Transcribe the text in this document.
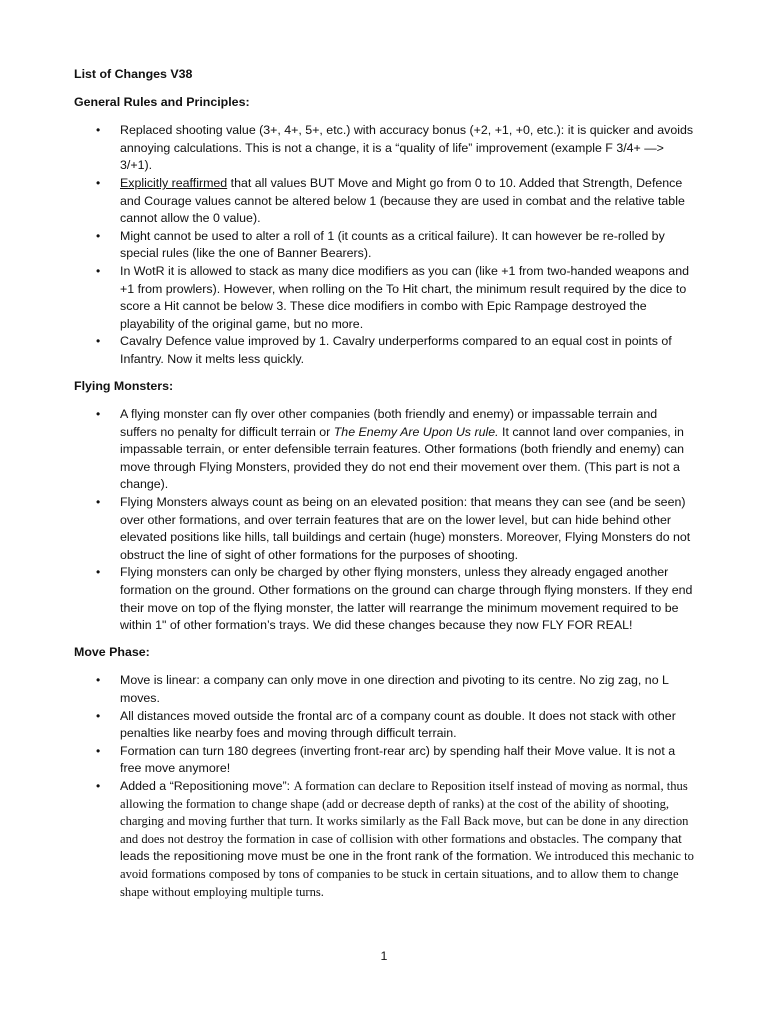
List of Changes V38
General Rules and Principles:
• Replaced shooting value (3+, 4+, 5+, etc.) with accuracy bonus (+2, +1, +0, etc.): it is quicker and avoids annoying calculations. This is not a change, it is a “quality of life” improvement (example F 3/4+ —> 3/+1).
• Explicitly reaffirmed that all values BUT Move and Might go from 0 to 10. Added that Strength, Defence and Courage values cannot be altered below 1 (because they are used in combat and the relative table cannot allow the 0 value).
• Might cannot be used to alter a roll of 1 (it counts as a critical failure). It can however be re-rolled by special rules (like the one of Banner Bearers).
• In WotR it is allowed to stack as many dice modifiers as you can (like +1 from two-handed weapons and +1 from prowlers). However, when rolling on the To Hit chart, the minimum result required by the dice to score a Hit cannot be below 3. These dice modifiers in combo with Epic Rampage destroyed the playability of the original game, but no more.
• Cavalry Defence value improved by 1. Cavalry underperforms compared to an equal cost in points of Infantry. Now it melts less quickly.
Flying Monsters:
• A flying monster can fly over other companies (both friendly and enemy) or impassable terrain and suffers no penalty for difficult terrain or The Enemy Are Upon Us rule. It cannot land over companies, in impassable terrain, or enter defensible terrain features. Other formations (both friendly and enemy) can move through Flying Monsters, provided they do not end their movement over them. (This part is not a change).
• Flying Monsters always count as being on an elevated position: that means they can see (and be seen) over other formations, and over terrain features that are on the lower level, but can hide behind other elevated positions like hills, tall buildings and certain (huge) monsters. Moreover, Flying Monsters do not obstruct the line of sight of other formations for the purposes of shooting.
• Flying monsters can only be charged by other flying monsters, unless they already engaged another formation on the ground. Other formations on the ground can charge through flying monsters. If they end their move on top of the flying monster, the latter will rearrange the minimum movement required to be within 1" of other formation’s trays. We did these changes because they now FLY FOR REAL!
Move Phase:
• Move is linear: a company can only move in one direction and pivoting to its centre. No zig zag, no L moves.
• All distances moved outside the frontal arc of a company count as double. It does not stack with other penalties like nearby foes and moving through difficult terrain.
• Formation can turn 180 degrees (inverting front-rear arc) by spending half their Move value. It is not a free move anymore!
• Added a “Repositioning move”: A formation can declare to Reposition itself instead of moving as normal, thus allowing the formation to change shape (add or decrease depth of ranks) at the cost of the ability of shooting, charging and moving further that turn. It works similarly as the Fall Back move, but can be done in any direction and does not destroy the formation in case of collision with other formations and obstacles. The company that leads the repositioning move must be one in the front rank of the formation. We introduced this mechanic to avoid formations composed by tons of companies to be stuck in certain situations, and to allow them to change shape without employing multiple turns.
1
